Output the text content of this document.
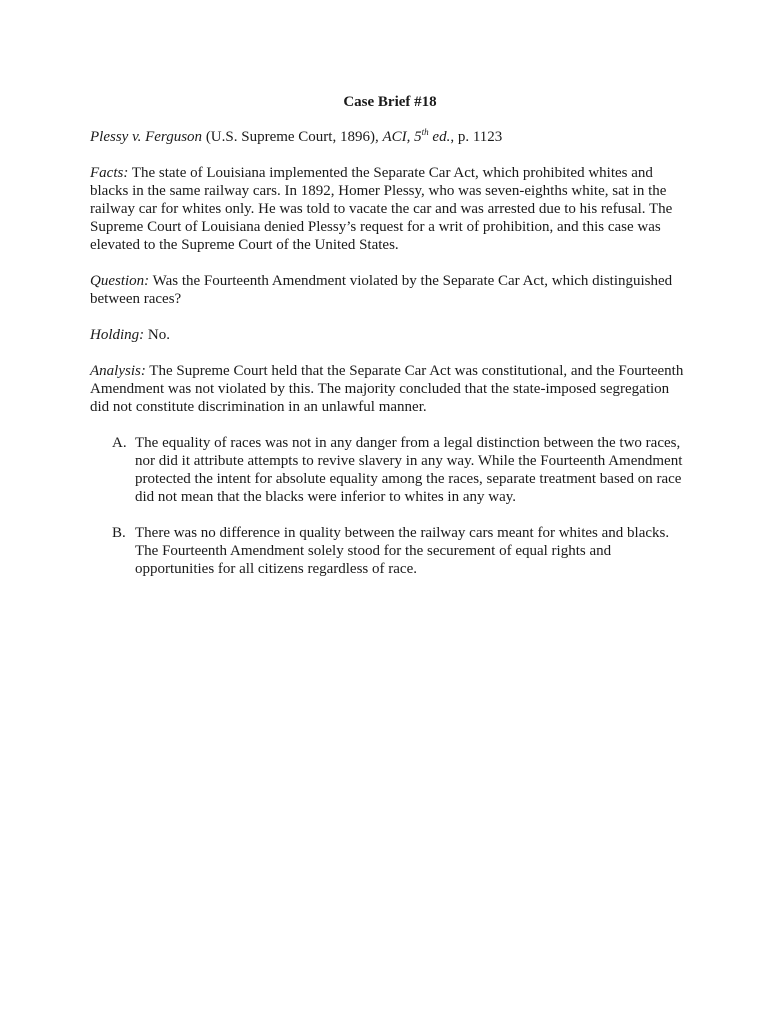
Case Brief #18

Plessy v. Ferguson (U.S. Supreme Court, 1896), ACI, 5th ed., p. 1123

Facts: The state of Louisiana implemented the Separate Car Act, which prohibited whites and blacks in the same railway cars. In 1892, Homer Plessy, who was seven-eighths white, sat in the railway car for whites only. He was told to vacate the car and was arrested due to his refusal. The Supreme Court of Louisiana denied Plessy’s request for a writ of prohibition, and this case was elevated to the Supreme Court of the United States.

Question: Was the Fourteenth Amendment violated by the Separate Car Act, which distinguished between races?

Holding: No.

Analysis: The Supreme Court held that the Separate Car Act was constitutional, and the Fourteenth Amendment was not violated by this. The majority concluded that the state-imposed segregation did not constitute discrimination in an unlawful manner.

A. The equality of races was not in any danger from a legal distinction between the two races, nor did it attribute attempts to revive slavery in any way. While the Fourteenth Amendment protected the intent for absolute equality among the races, separate treatment based on race did not mean that the blacks were inferior to whites in any way.
B. There was no difference in quality between the railway cars meant for whites and blacks. The Fourteenth Amendment solely stood for the securement of equal rights and opportunities for all citizens regardless of race.
